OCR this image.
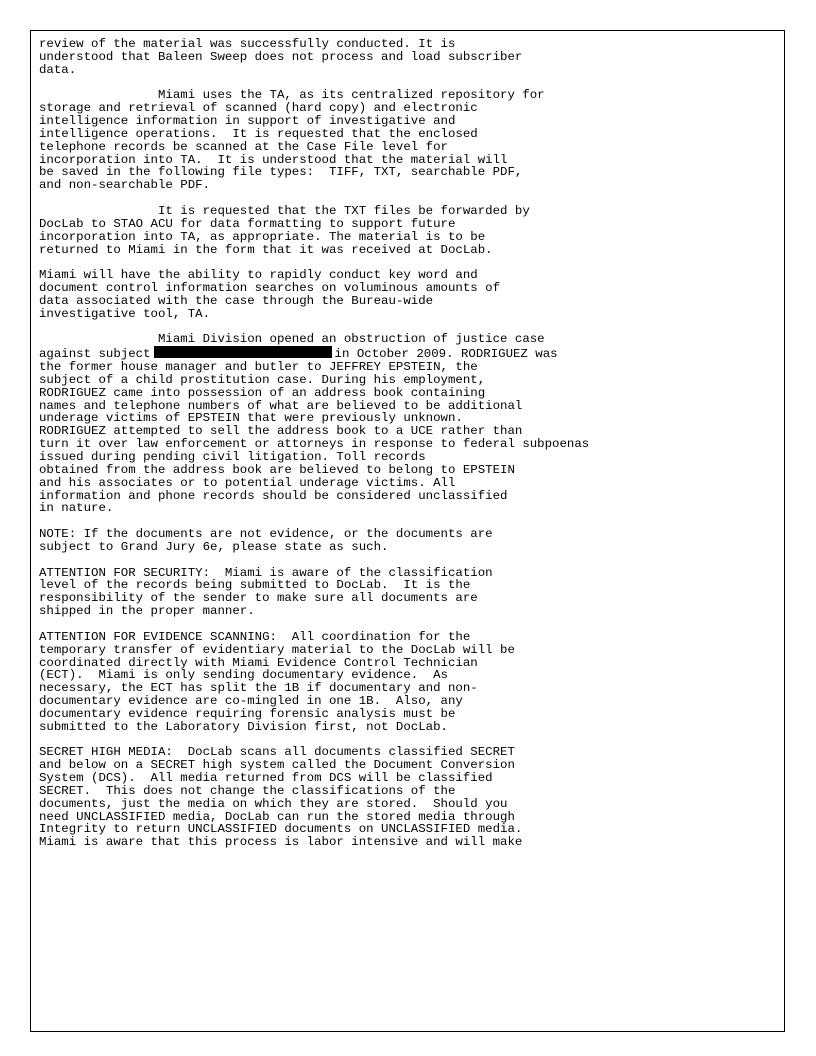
review of the material was successfully conducted. It is
understood that Baleen Sweep does not process and load subscriber
data.
Miami uses the TA, as its centralized repository for
storage and retrieval of scanned (hard copy) and electronic
intelligence information in support of investigative and
intelligence operations.  It is requested that the enclosed
telephone records be scanned at the Case File level for
incorporation into TA.  It is understood that the material will
be saved in the following file types:  TIFF, TXT, searchable PDF,
and non-searchable PDF.
It is requested that the TXT files be forwarded by
DocLab to STAO ACU for data formatting to support future
incorporation into TA, as appropriate. The material is to be
returned to Miami in the form that it was received at DocLab.
Miami will have the ability to rapidly conduct key word and
document control information searches on voluminous amounts of
data associated with the case through the Bureau-wide
investigative tool, TA.
Miami Division opened an obstruction of justice case
against subject	in October 2009. RODRIGUEZ was
the former house manager and butler to JEFFREY EPSTEIN, the
subject of a child prostitution case. During his employment,
RODRIGUEZ came into possession of an address book containing
names and telephone numbers of what are believed to be additional
underage victims of EPSTEIN that were previously unknown.
RODRIGUEZ attempted to sell the address book to a UCE rather than
turn it over law enforcement or attorneys in response to federal subpoenas
issued during pending civil litigation. Toll records
obtained from the address book are believed to belong to EPSTEIN
and his associates or to potential underage victims. All
information and phone records should be considered unclassified
in nature.
NOTE: If the documents are not evidence, or the documents are
subject to Grand Jury 6e, please state as such.
ATTENTION FOR SECURITY:  Miami is aware of the classification
level of the records being submitted to DocLab.  It is the
responsibility of the sender to make sure all documents are
shipped in the proper manner.
ATTENTION FOR EVIDENCE SCANNING:  All coordination for the
temporary transfer of evidentiary material to the DocLab will be
coordinated directly with Miami Evidence Control Technician
(ECT).  Miami is only sending documentary evidence.  As
necessary, the ECT has split the 1B if documentary and non-
documentary evidence are co-mingled in one 1B.  Also, any
documentary evidence requiring forensic analysis must be
submitted to the Laboratory Division first, not DocLab.
SECRET HIGH MEDIA:  DocLab scans all documents classified SECRET
and below on a SECRET high system called the Document Conversion
System (DCS).  All media returned from DCS will be classified
SECRET.  This does not change the classifications of the
documents, just the media on which they are stored.  Should you
need UNCLASSIFIED media, DocLab can run the stored media through
Integrity to return UNCLASSIFIED documents on UNCLASSIFIED media.
Miami is aware that this process is labor intensive and will make
